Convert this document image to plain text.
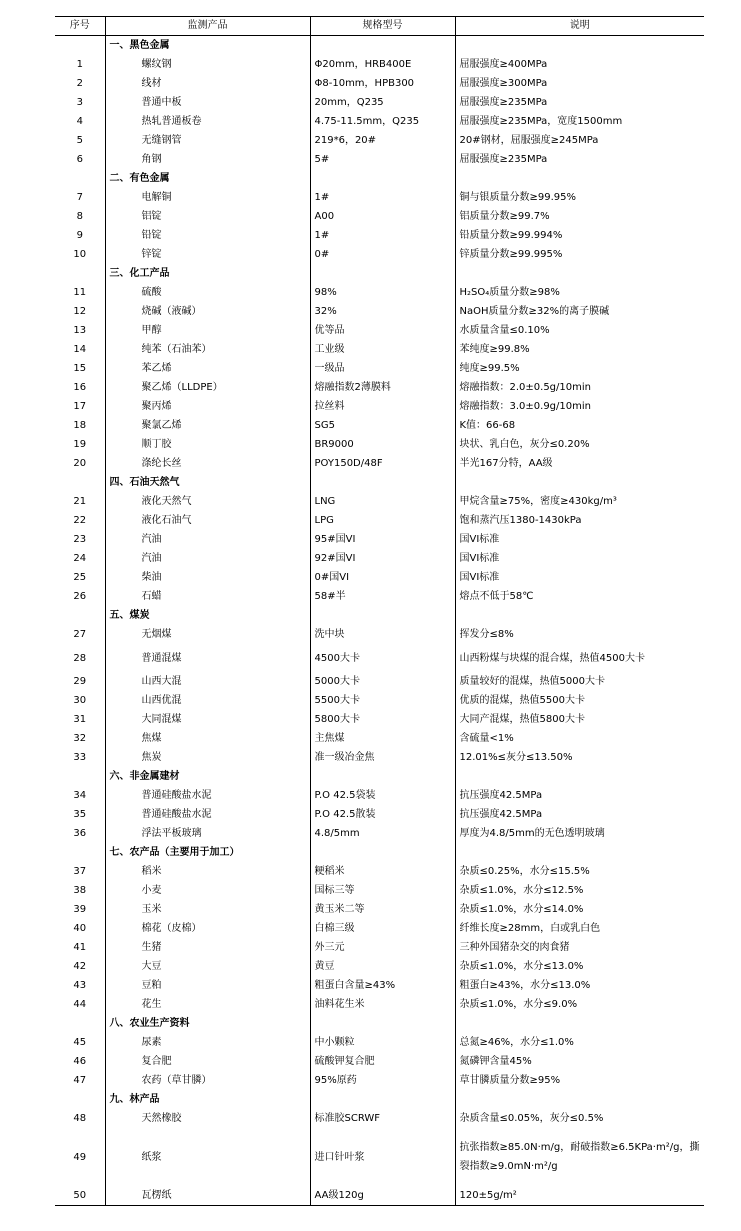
序号	监测产品	规格型号	说明
	一、黑色金属		
1	螺纹钢	Φ20mm，HRB400E	屈服强度≥400MPa
2	线材	Φ8-10mm，HPB300	屈服强度≥300MPa
3	普通中板	20mm，Q235	屈服强度≥235MPa
4	热轧普通板卷	4.75-11.5mm，Q235	屈服强度≥235MPa，宽度1500mm
5	无缝钢管	219*6，20#	20#钢材，屈服强度≥245MPa
6	角钢	5#	屈服强度≥235MPa
	二、有色金属		
7	电解铜	1#	铜与银质量分数≥99.95%
8	铝锭	A00	铝质量分数≥99.7%
9	铅锭	1#	铅质量分数≥99.994%
10	锌锭	0#	锌质量分数≥99.995%
	三、化工产品		
11	硫酸	98%	H₂SO₄质量分数≥98%
12	烧碱（液碱）	32%	NaOH质量分数≥32%的离子膜碱
13	甲醇	优等品	水质量含量≤0.10%
14	纯苯（石油苯）	工业级	苯纯度≥99.8%
15	苯乙烯	一级品	纯度≥99.5%
16	聚乙烯（LLDPE）	熔融指数2薄膜料	熔融指数：2.0±0.5g/10min
17	聚丙烯	拉丝料	熔融指数：3.0±0.9g/10min
18	聚氯乙烯	SG5	K值：66-68
19	顺丁胶	BR9000	块状、乳白色，灰分≤0.20%
20	涤纶长丝	POY150D/48F	半光167分特，AA级
	四、石油天然气		
21	液化天然气	LNG	甲烷含量≥75%，密度≥430kg/m³
22	液化石油气	LPG	饱和蒸汽压1380-1430kPa
23	汽油	95#国VI	国VI标准
24	汽油	92#国VI	国VI标准
25	柴油	0#国VI	国VI标准
26	石蜡	58#半	熔点不低于58℃
	五、煤炭		
27	无烟煤	洗中块	挥发分≤8%
28	普通混煤	4500大卡	山西粉煤与块煤的混合煤，热值4500大卡
29	山西大混	5000大卡	质量较好的混煤，热值5000大卡
30	山西优混	5500大卡	优质的混煤，热值5500大卡
31	大同混煤	5800大卡	大同产混煤，热值5800大卡
32	焦煤	主焦煤	含硫量<1%
33	焦炭	准一级冶金焦	12.01%≤灰分≤13.50%
	六、非金属建材		
34	普通硅酸盐水泥	P.O 42.5袋装	抗压强度42.5MPa
35	普通硅酸盐水泥	P.O 42.5散装	抗压强度42.5MPa
36	浮法平板玻璃	4.8/5mm	厚度为4.8/5mm的无色透明玻璃
	七、农产品（主要用于加工）		
37	稻米	粳稻米	杂质≤0.25%，水分≤15.5%
38	小麦	国标三等	杂质≤1.0%，水分≤12.5%
39	玉米	黄玉米二等	杂质≤1.0%，水分≤14.0%
40	棉花（皮棉）	白棉三级	纤维长度≥28mm，白或乳白色
41	生猪	外三元	三种外国猪杂交的肉食猪
42	大豆	黄豆	杂质≤1.0%，水分≤13.0%
43	豆粕	粗蛋白含量≥43%	粗蛋白≥43%，水分≤13.0%
44	花生	油料花生米	杂质≤1.0%，水分≤9.0%
	八、农业生产资料		
45	尿素	中小颗粒	总氮≥46%，水分≤1.0%
46	复合肥	硫酸钾复合肥	氮磷钾含量45%
47	农药（草甘膦）	95%原药	草甘膦质量分数≥95%
	九、林产品		
48	天然橡胶	标准胶SCRWF	杂质含量≤0.05%，灰分≤0.5%
49	纸浆	进口针叶浆	抗张指数≥85.0N·m/g，耐破指数≥6.5KPa·m²/g，撕裂指数≥9.0mN·m²/g
50	瓦楞纸	AA级120g	120±5g/m²
